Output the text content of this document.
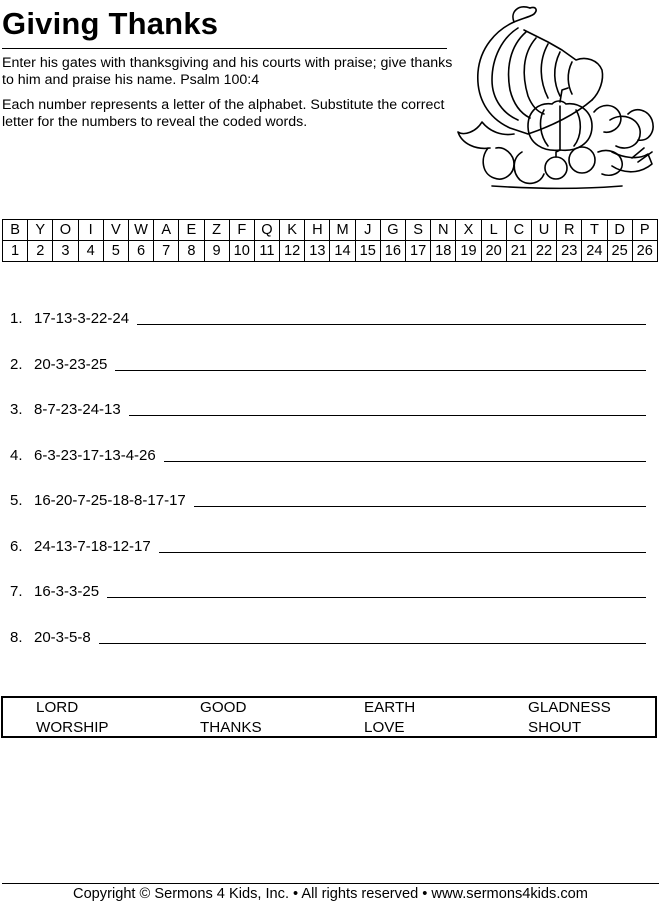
Giving Thanks
Enter his gates with thanksgiving and his courts with praise; give thanks to him and praise his name. Psalm 100:4
Each number represents a letter of the alphabet. Substitute the correct letter for the numbers to reveal the coded words.
B	Y	O	I	V	W	A	E	Z	F	Q	K	H	M	J	G	S	N	X	L	C	U	R	T	D	P
1	2	3	4	5	6	7	8	9	10	11	12	13	14	15	16	17	18	19	20	21	22	23	24	25	26
1. 17-13-3-22-24
2. 20-3-23-25
3. 8-7-23-24-13
4. 6-3-23-17-13-4-26
5. 16-20-7-25-18-8-17-17
6. 24-13-7-18-12-17
7. 16-3-3-25
8. 20-3-5-8
LORD	GOOD	EARTH	GLADNESS
WORSHIP	THANKS	LOVE	SHOUT
Copyright © Sermons 4 Kids, Inc. • All rights reserved • www.sermons4kids.com
